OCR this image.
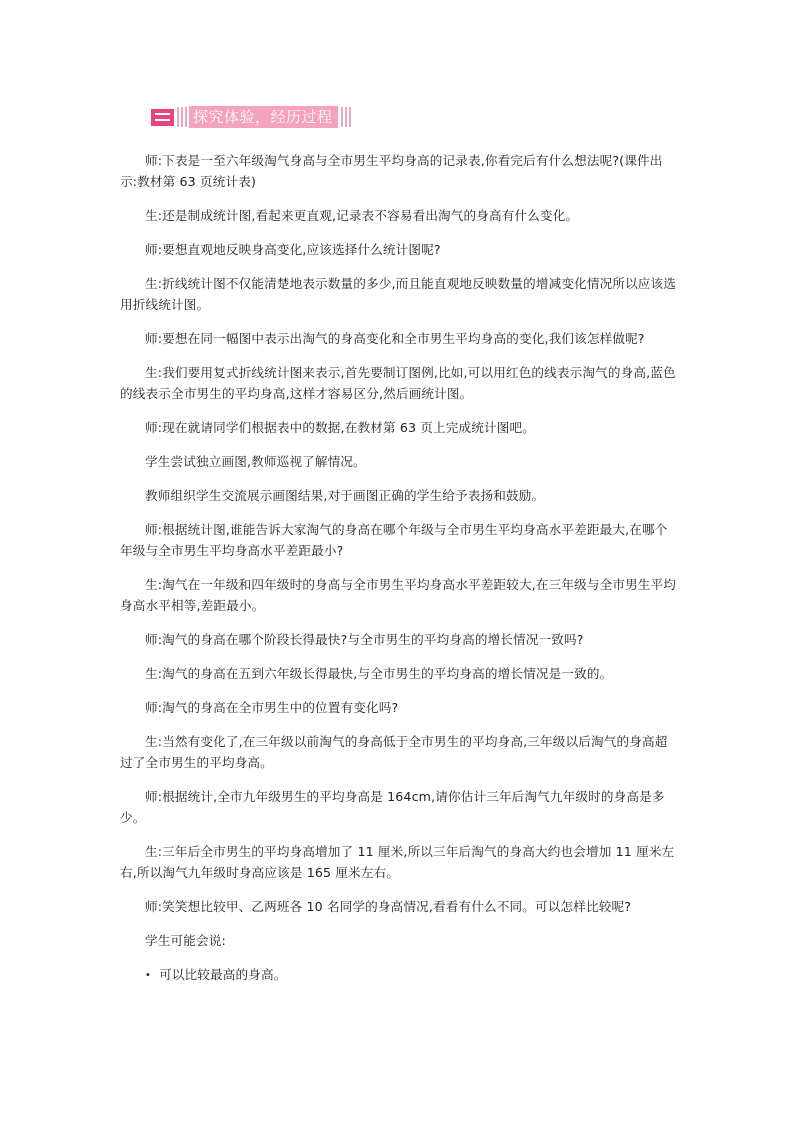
探究体验，经历过程

师:下表是一至六年级淘气身高与全市男生平均身高的记录表,你看完后有什么想法呢?(课件出示:教材第 63 页统计表)

生:还是制成统计图,看起来更直观,记录表不容易看出淘气的身高有什么变化。

师:要想直观地反映身高变化,应该选择什么统计图呢?

生:折线统计图不仅能清楚地表示数量的多少,而且能直观地反映数量的增减变化情况所以应该选用折线统计图。

师:要想在同一幅图中表示出淘气的身高变化和全市男生平均身高的变化,我们该怎样做呢?

生:我们要用复式折线统计图来表示,首先要制订图例,比如,可以用红色的线表示淘气的身高,蓝色的线表示全市男生的平均身高,这样才容易区分,然后画统计图。

师:现在就请同学们根据表中的数据,在教材第 63 页上完成统计图吧。

学生尝试独立画图,教师巡视了解情况。

教师组织学生交流展示画图结果,对于画图正确的学生给予表扬和鼓励。

师:根据统计图,谁能告诉大家淘气的身高在哪个年级与全市男生平均身高水平差距最大,在哪个年级与全市男生平均身高水平差距最小?

生:淘气在一年级和四年级时的身高与全市男生平均身高水平差距较大,在三年级与全市男生平均身高水平相等,差距最小。

师:淘气的身高在哪个阶段长得最快?与全市男生的平均身高的增长情况一致吗?

生:淘气的身高在五到六年级长得最快,与全市男生的平均身高的增长情况是一致的。

师:淘气的身高在全市男生中的位置有变化吗?

生:当然有变化了,在三年级以前淘气的身高低于全市男生的平均身高,三年级以后淘气的身高超过了全市男生的平均身高。

师:根据统计,全市九年级男生的平均身高是 164cm,请你估计三年后淘气九年级时的身高是多少。

生:三年后全市男生的平均身高增加了 11 厘米,所以三年后淘气的身高大约也会增加 11 厘米左右,所以淘气九年级时身高应该是 165 厘米左右。

师:笑笑想比较甲、乙两班各 10 名同学的身高情况,看看有什么不同。可以怎样比较呢?

学生可能会说:

• 可以比较最高的身高。
